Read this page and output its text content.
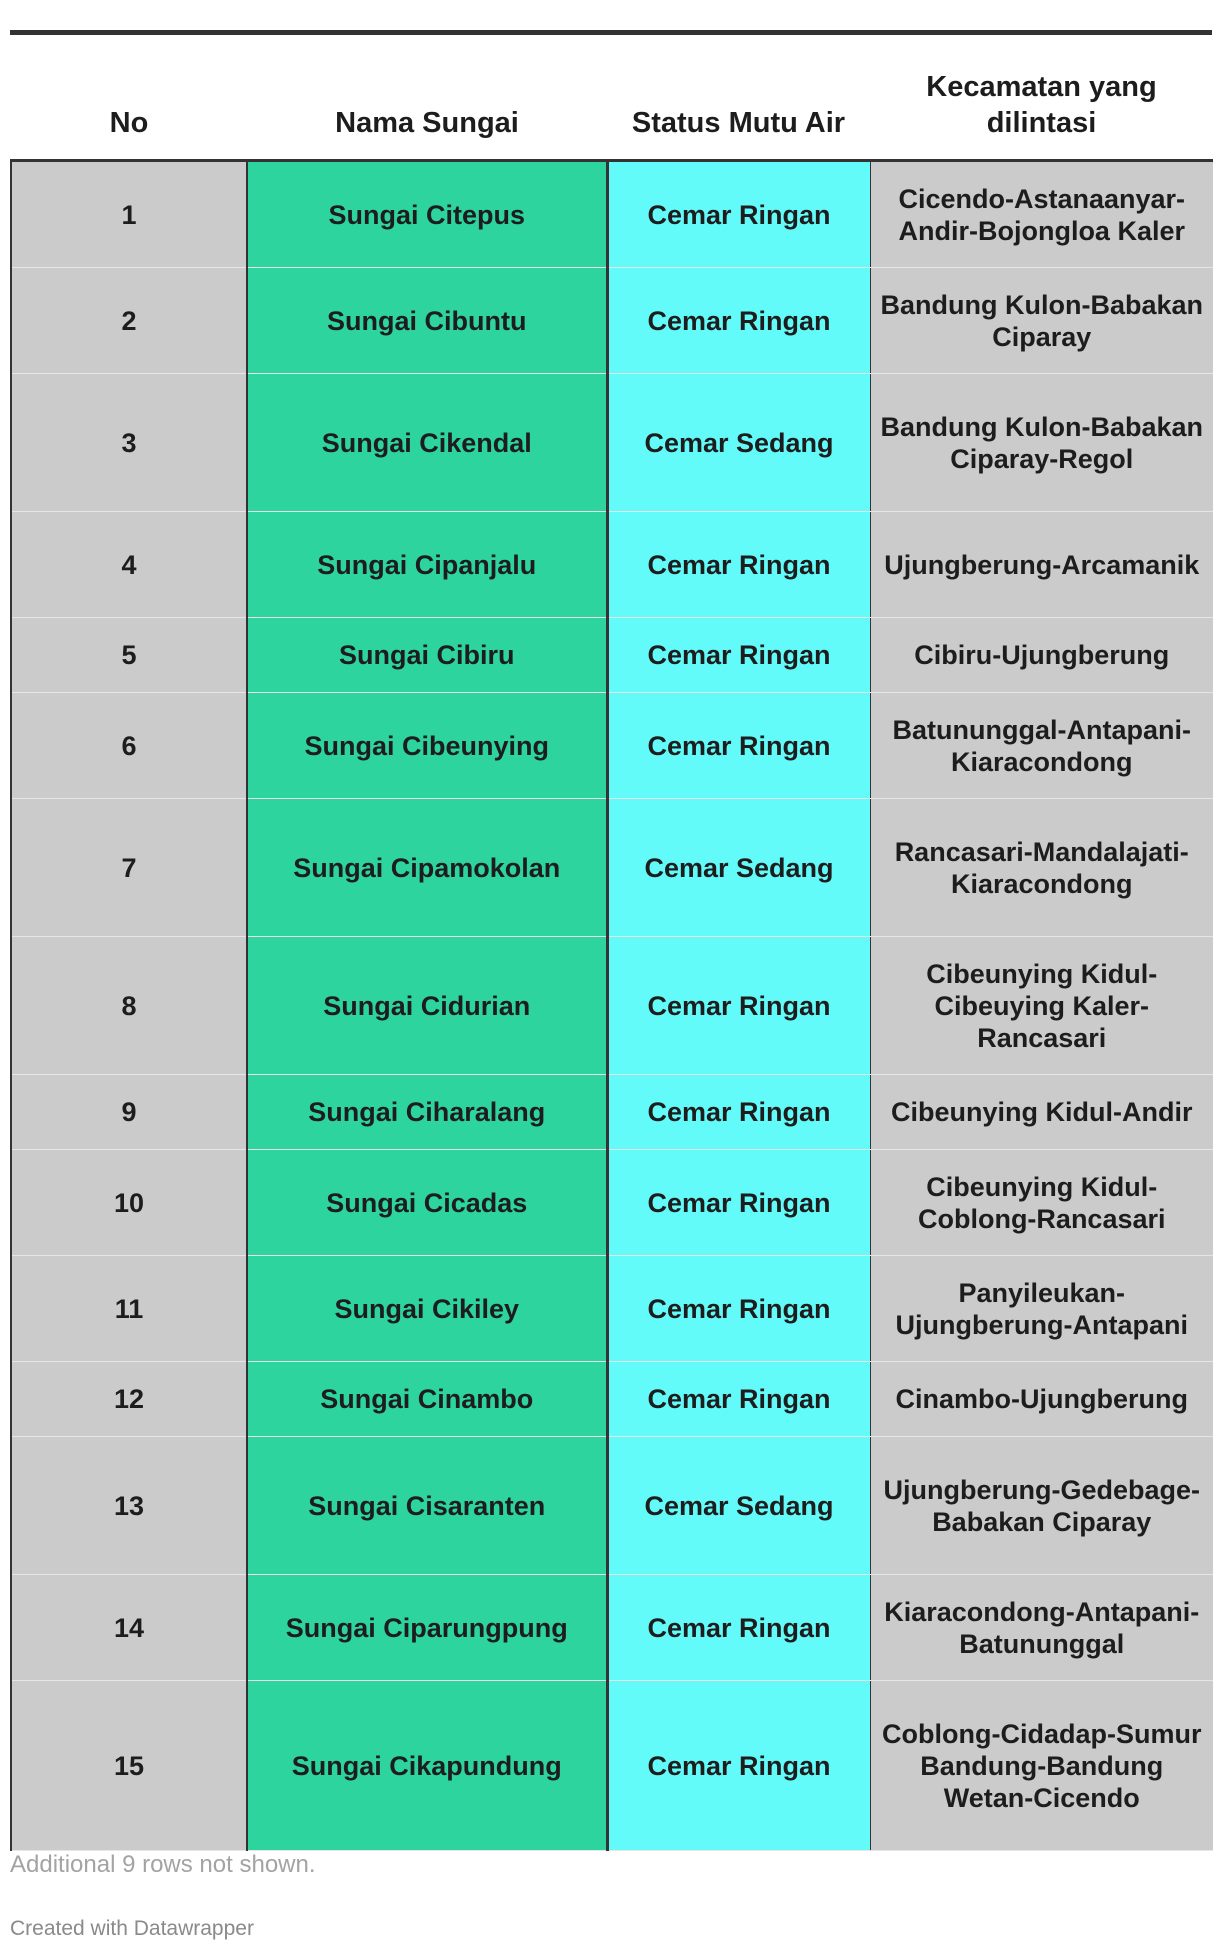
No	Nama Sungai	Status Mutu Air	Kecamatan yang dilintasi
1	Sungai Citepus	Cemar Ringan	Cicendo-Astanaanyar-Andir-Bojongloa Kaler
2	Sungai Cibuntu	Cemar Ringan	Bandung Kulon-Babakan Ciparay
3	Sungai Cikendal	Cemar Sedang	Bandung Kulon-Babakan Ciparay-Regol
4	Sungai Cipanjalu	Cemar Ringan	Ujungberung-Arcamanik
5	Sungai Cibiru	Cemar Ringan	Cibiru-Ujungberung
6	Sungai Cibeunying	Cemar Ringan	Batununggal-Antapani-Kiaracondong
7	Sungai Cipamokolan	Cemar Sedang	Rancasari-Mandalajati-Kiaracondong
8	Sungai Cidurian	Cemar Ringan	Cibeunying Kidul-Cibeuying Kaler-Rancasari
9	Sungai Ciharalang	Cemar Ringan	Cibeunying Kidul-Andir
10	Sungai Cicadas	Cemar Ringan	Cibeunying Kidul-Coblong-Rancasari
11	Sungai Cikiley	Cemar Ringan	Panyileukan-Ujungberung-Antapani
12	Sungai Cinambo	Cemar Ringan	Cinambo-Ujungberung
13	Sungai Cisaranten	Cemar Sedang	Ujungberung-Gedebage-Babakan Ciparay
14	Sungai Ciparungpung	Cemar Ringan	Kiaracondong-Antapani-Batununggal
15	Sungai Cikapundung	Cemar Ringan	Coblong-Cidadap-Sumur Bandung-Bandung Wetan-Cicendo
Additional 9 rows not shown.
Created with Datawrapper
